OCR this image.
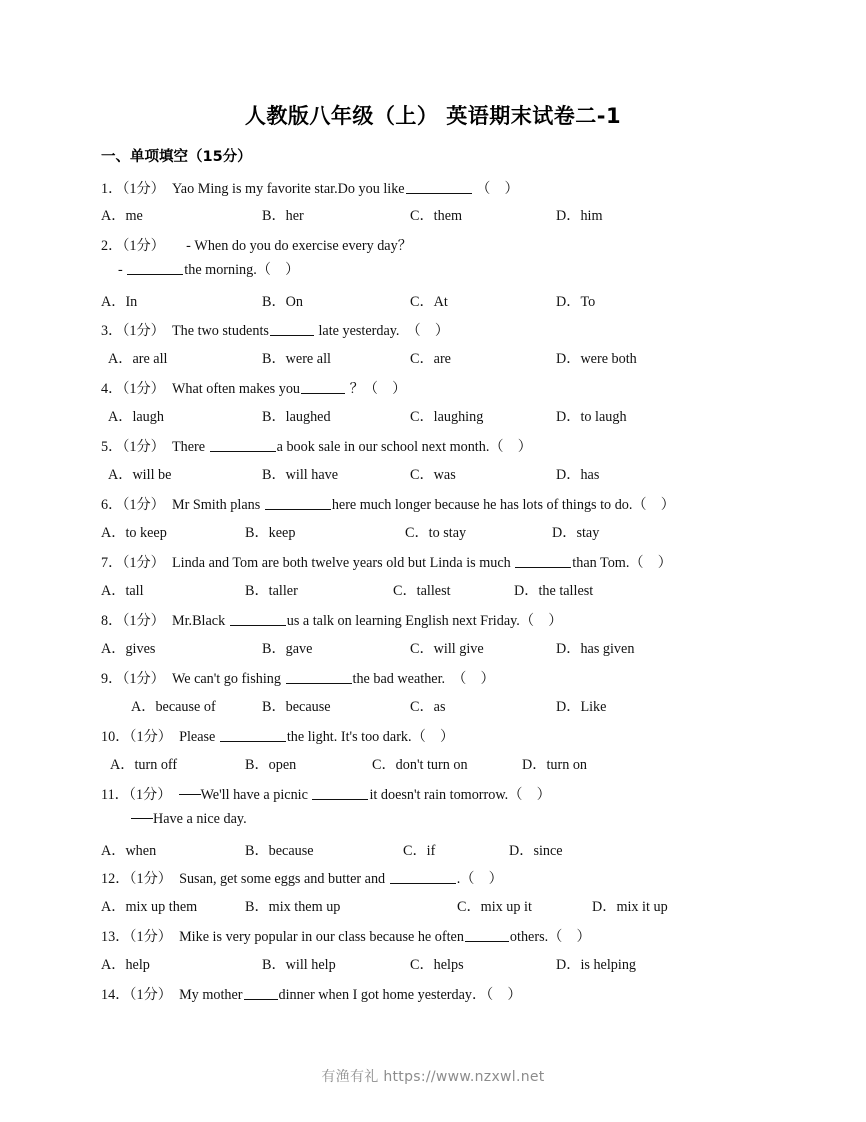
人教版八年级（上） 英语期末试卷二-1
一、单项填空（15分）
1．（1分）　 Yao Ming is my favorite star.Do you like	（    ）
A．me	B．her	C．them	D．him
2．（1分）　　 - When do you do exercise every day？
-	the morning.（    ）
A．In	B．On	C．At	D．To
3．（1分）　 The two students	late yesterday.　（    ）
A．are all	B．were all	C．are	D．were both
4．（1分）　 What often makes you	？（    ）
A．laugh	B．laughed	C．laughing	D．to laugh
5．（1分）　 There	a book sale in our school next month.（    ）
A．will be	B．will have	C．was	D．has
6．（1分）　 Mr Smith plans	here much longer because he has lots of things to do.（    ）
A．to keep	B．keep	C．to stay	D．stay
7．（1分）　 Linda and Tom are both twelve years old but Linda is much	than Tom.（    ）
A．tall	B．taller	C．tallest	D．the tallest
8．（1分）　 Mr.Black	us a talk on learning English next Friday.（    ）
A．gives	B．gave	C．will give	D．has given
9．（1分）　 We can't go fishing	the bad weather.　（    ）
A．because of	B．because	C．as	D．Like
10．（1分）　 Please	the light. It's too dark.（    ）
A．turn off	B．open	C．don't turn on	D．turn on
11．（1分）　	We'll have a picnic	it doesn't rain tomorrow.（    ）
Have a nice day.
A．when	B．because	C．if	D．since
12．（1分）　 Susan, get some eggs and butter and	.（    ）
A．mix up them	B．mix them up	C．mix up it	D．mix it up
13．（1分）　 Mike is very popular in our class because he often	others.（    ）
A．help	B．will help	C．helps	D．is helping
14．（1分）　 My mother	dinner when I got home yesterday．（    ）
有渔有礼 https://www.nzxwl.net
